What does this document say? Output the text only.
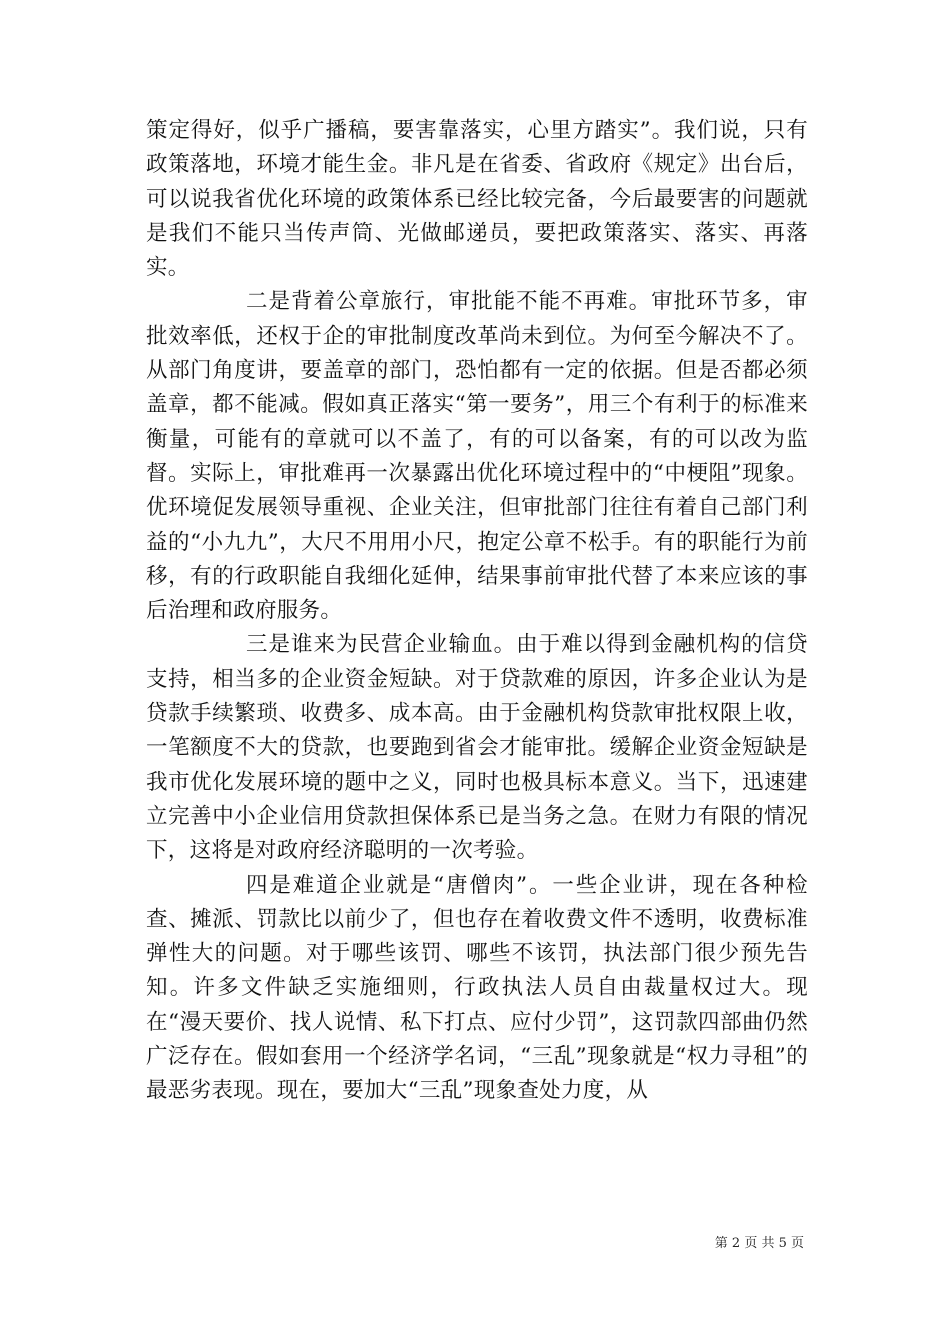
策定得好，似乎广播稿，要害靠落实，心里方踏实”。我们说，只有政策落地，环境才能生金。非凡是在省委、省政府《规定》出台后，可以说我省优化环境的政策体系已经比较完备，今后最要害的问题就是我们不能只当传声筒、光做邮递员，要把政策落实、落实、再落实。

二是背着公章旅行，审批能不能不再难。审批环节多，审批效率低，还权于企的审批制度改革尚未到位。为何至今解决不了。从部门角度讲，要盖章的部门，恐怕都有一定的依据。但是否都必须盖章，都不能减。假如真正落实“第一要务”，用三个有利于的标准来衡量，可能有的章就可以不盖了，有的可以备案，有的可以改为监督。实际上，审批难再一次暴露出优化环境过程中的“中梗阻”现象。优环境促发展领导重视、企业关注，但审批部门往往有着自己部门利益的“小九九”，大尺不用用小尺，抱定公章不松手。有的职能行为前移，有的行政职能自我细化延伸，结果事前审批代替了本来应该的事后治理和政府服务。

三是谁来为民营企业输血。由于难以得到金融机构的信贷支持，相当多的企业资金短缺。对于贷款难的原因，许多企业认为是贷款手续繁琐、收费多、成本高。由于金融机构贷款审批权限上收，一笔额度不大的贷款，也要跑到省会才能审批。缓解企业资金短缺是我市优化发展环境的题中之义，同时也极具标本意义。当下，迅速建立完善中小企业信用贷款担保体系已是当务之急。在财力有限的情况下，这将是对政府经济聪明的一次考验。

四是难道企业就是“唐僧肉”。一些企业讲，现在各种检查、摊派、罚款比以前少了，但也存在着收费文件不透明，收费标准弹性大的问题。对于哪些该罚、哪些不该罚，执法部门很少预先告知。许多文件缺乏实施细则，行政执法人员自由裁量权过大。现在“漫天要价、找人说情、私下打点、应付少罚”，这罚款四部曲仍然广泛存在。假如套用一个经济学名词，“三乱”现象就是“权力寻租”的最恶劣表现。现在，要加大“三乱”现象查处力度，从

第 2 页 共 5 页
